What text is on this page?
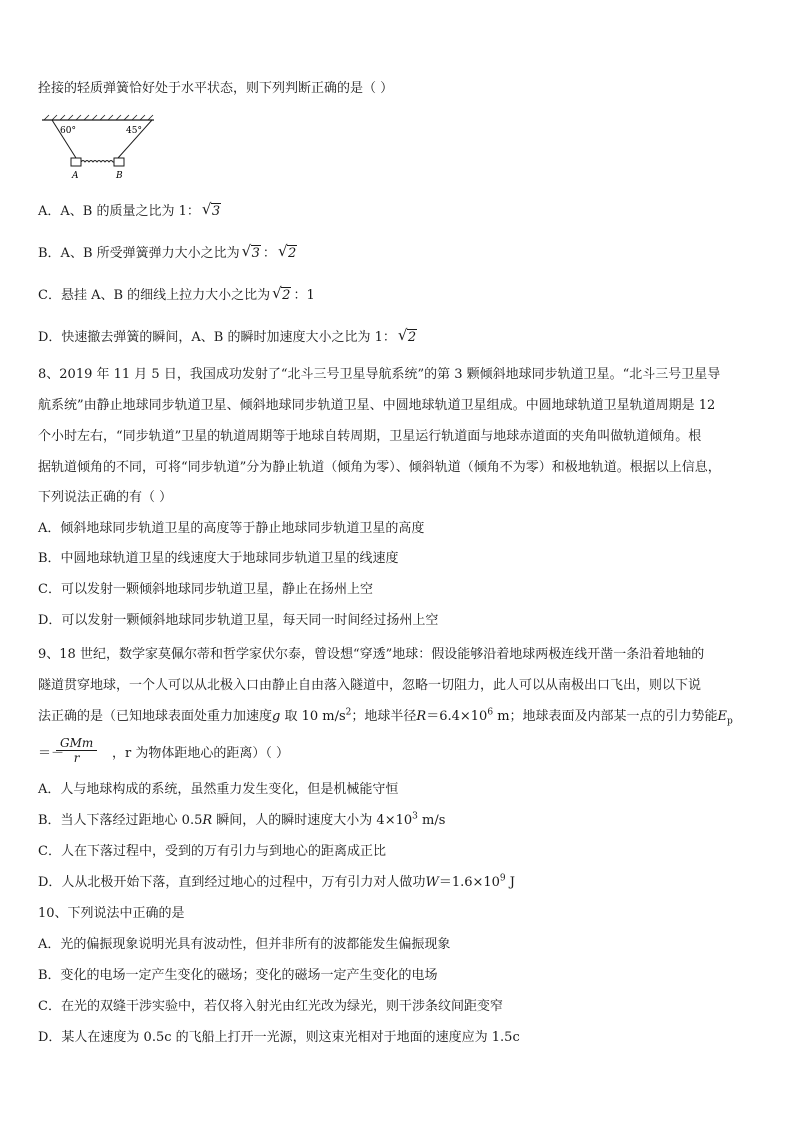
拴接的轻质弹簧恰好处于水平状态，则下列判断正确的是（ ）
60°	45°
A	B
A．A、B 的质量之比为 1： √ 3
B．A、B 所受弹簧弹力大小之比为 √ 3 ： √ 2
C．悬挂 A、B 的细线上拉力大小之比为 √ 2 ：1
D．快速撤去弹簧的瞬间，A、B 的瞬时加速度大小之比为 1： √ 2
8、2019 年 11 月 5 日，我国成功发射了“北斗三号卫星导航系统”的第 3 颗倾斜地球同步轨道卫星。“北斗三号卫星导
航系统”由静止地球同步轨道卫星、倾斜地球同步轨道卫星、中圆地球轨道卫星组成。中圆地球轨道卫星轨道周期是 12
个小时左右，“同步轨道”卫星的轨道周期等于地球自转周期，卫星运行轨道面与地球赤道面的夹角叫做轨道倾角。根
据轨道倾角的不同，可将“同步轨道”分为静止轨道（倾角为零）、倾斜轨道（倾角不为零）和极地轨道。根据以上信息，
下列说法正确的有（ ）
A．倾斜地球同步轨道卫星的高度等于静止地球同步轨道卫星的高度
B．中圆地球轨道卫星的线速度大于地球同步轨道卫星的线速度
C．可以发射一颗倾斜地球同步轨道卫星，静止在扬州上空
D．可以发射一颗倾斜地球同步轨道卫星，每天同一时间经过扬州上空
9、18 世纪，数学家莫佩尔蒂和哲学家伏尔泰，曾设想“穿透”地球：假设能够沿着地球两极连线开凿一条沿着地轴的
隧道贯穿地球，一个人可以从北极入口由静止自由落入隧道中，忽略一切阻力，此人可以从南极出口飞出，则以下说
法正确的是（已知地球表面处重力加速度g 取 10 $m/s^2$；地球半径$R=6.4\times 10^6$ m；地球表面及内部某一点的引力势能$E_p$
＝－
GMm
r	，r 为物体距地心的距离）（ ）
A．人与地球构成的系统，虽然重力发生变化，但是机械能守恒
B．当人下落经过距地心 0.5R 瞬间，人的瞬时速度大小为 $4\times 10^3$ m/s
C．人在下落过程中，受到的万有引力与到地心的距离成正比
D．人从北极开始下落，直到经过地心的过程中，万有引力对人做功$W=1.6\times 10^9$ J
10、下列说法中正确的是
A．光的偏振现象说明光具有波动性，但并非所有的波都能发生偏振现象
B．变化的电场一定产生变化的磁场；变化的磁场一定产生变化的电场
C．在光的双缝干涉实验中，若仅将入射光由红光改为绿光，则干涉条纹间距变窄
D．某人在速度为 0.5c 的飞船上打开一光源，则这束光相对于地面的速度应为 1.5c
